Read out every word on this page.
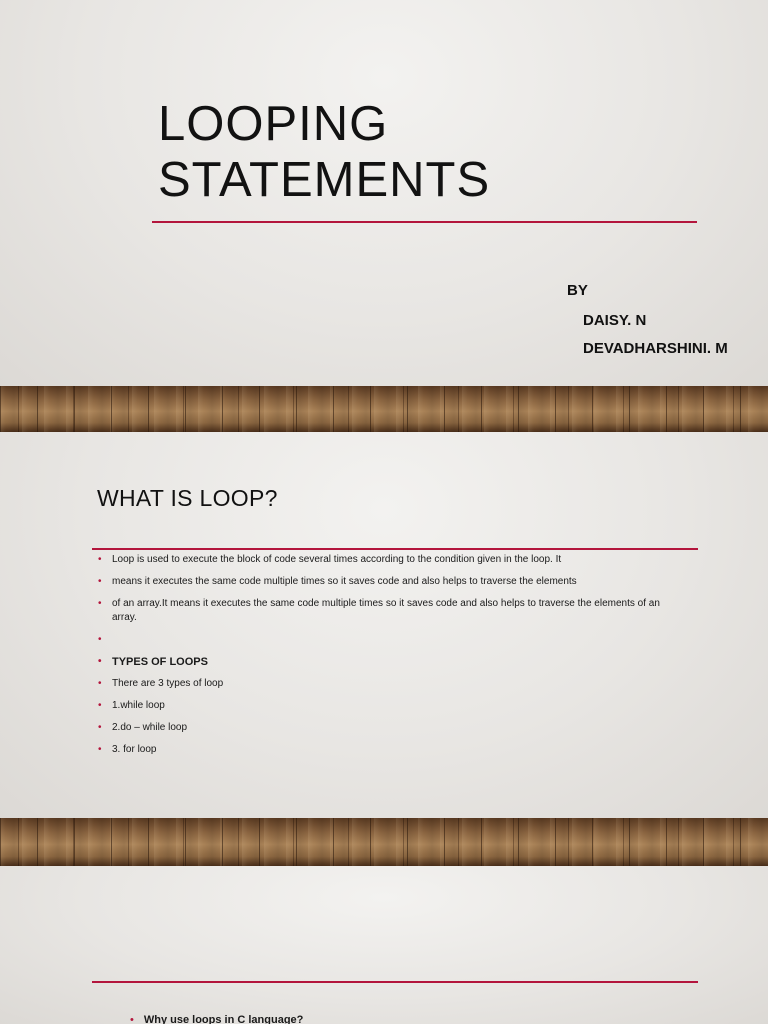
LOOPING
STATEMENTS
BY
DAISY. N
DEVADHARSHINI. M
WHAT IS LOOP?
• Loop is used to execute the block of code several times according to the condition given in the loop. It
• means it executes the same code multiple times so it saves code and also helps to traverse the elements
• of an array.It means it executes the same code multiple times so it saves code and also helps to traverse the elements of an array.
•
• TYPES OF LOOPS
• There are 3 types of loop
• 1.while loop
• 2.do – while loop
• 3. for loop
• Why use loops in C language?
